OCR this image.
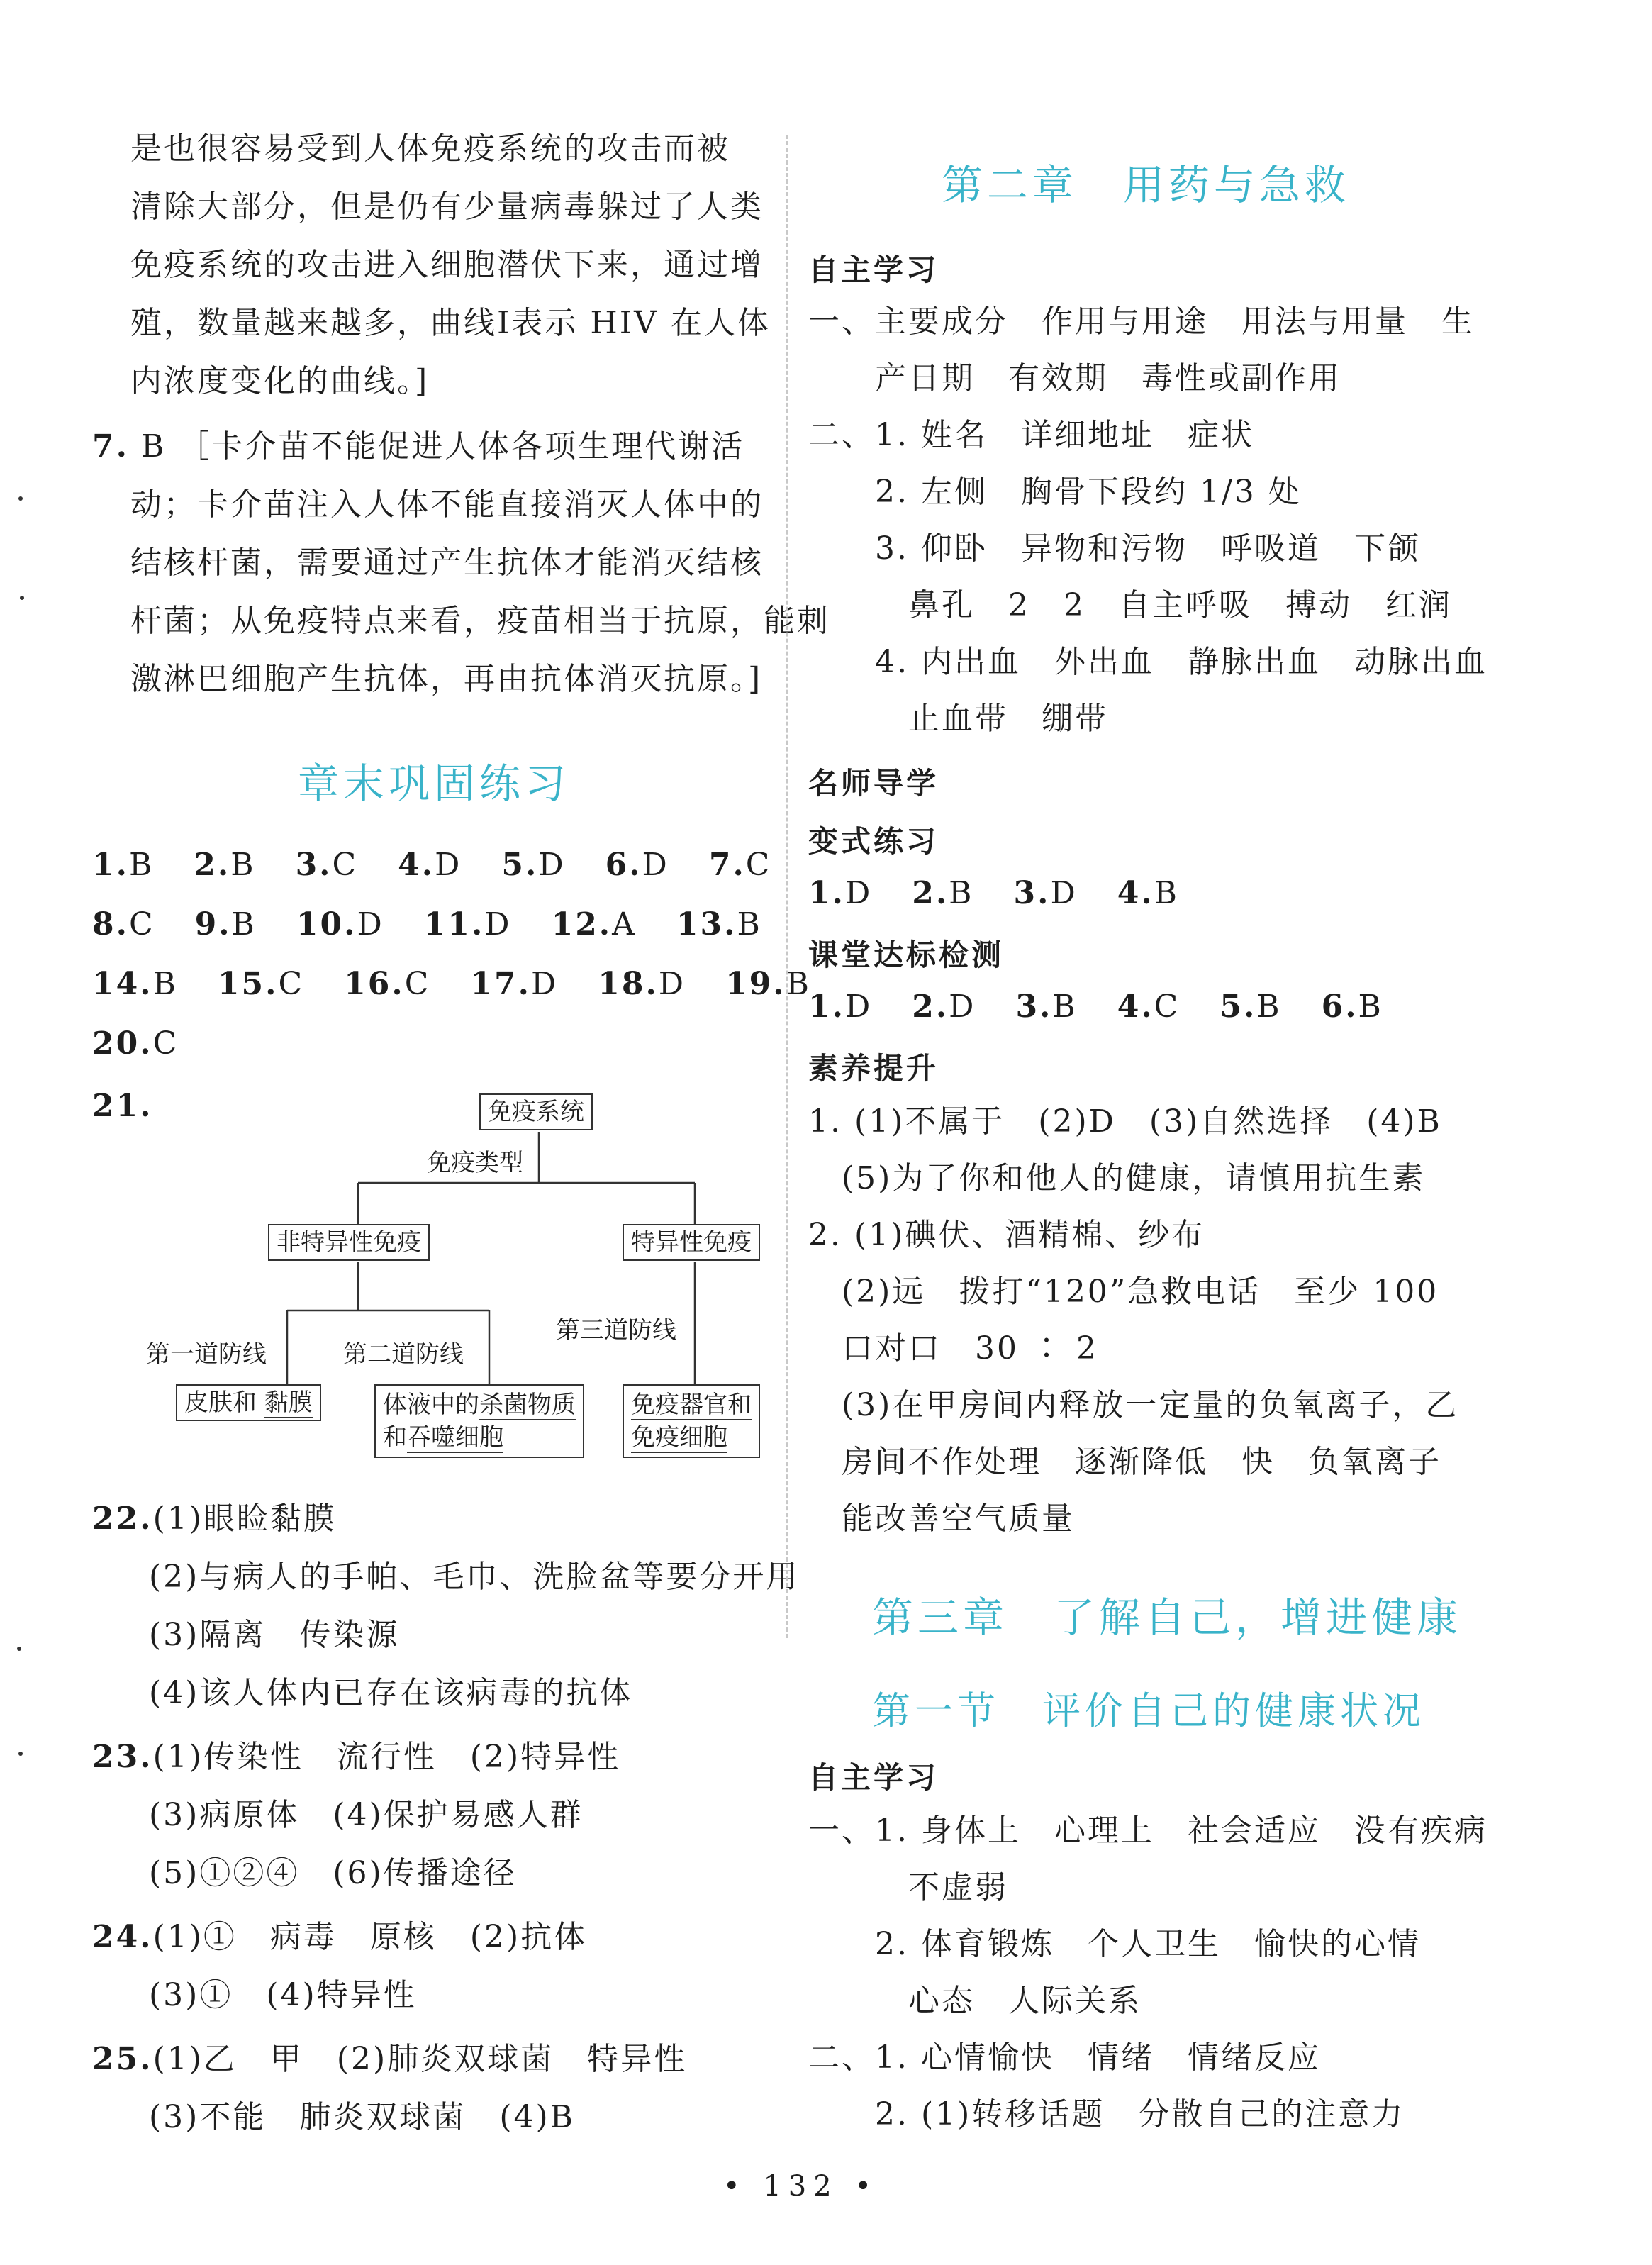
是也很容易受到人体免疫系统的攻击而被
清除大部分，但是仍有少量病毒躲过了人类
免疫系统的攻击进入细胞潜伏下来，通过增
殖，数量越来越多，曲线Ⅰ表示 HIV 在人体
内浓度变化的曲线。]
7. B ［卡介苗不能促进人体各项生理代谢活
动；卡介苗注入人体不能直接消灭人体中的
结核杆菌，需要通过产生抗体才能消灭结核
杆菌；从免疫特点来看，疫苗相当于抗原，能刺
激淋巴细胞产生抗体，再由抗体消灭抗原。]
章末巩固练习
1.B 2.B 3.C 4.D 5.D 6.D 7.C
8.C 9.B 10.D 11.D 12.A 13.B
14.B 15.C 16.C 17.D 18.D 19.B
20.C
21.	免疫系统
免疫类型
非特异性免疫	特异性免疫
第一道防线	第二道防线
第三道防线
皮肤和 黏膜	体液中的杀菌物质
和吞噬细胞
免疫器官和
免疫细胞
22.(1)眼睑黏膜
(2)与病人的手帕、毛巾、洗脸盆等要分开用
(3)隔离　传染源
(4)该人体内已存在该病毒的抗体
23.(1)传染性　流行性　(2)特异性
(3)病原体　(4)保护易感人群
(5)①②④　(6)传播途径
24.(1)①　病毒　原核　(2)抗体
(3)①　(4)特异性
25.(1)乙　甲　(2)肺炎双球菌　特异性
(3)不能　肺炎双球菌　(4)B
第二章　用药与急救
自主学习
一、主要成分　作用与用途　用法与用量　生
　　产日期　有效期　毒性或副作用
二、1. 姓名　详细地址　症状
　　2. 左侧　胸骨下段约 1/3 处
　　3. 仰卧　异物和污物　呼吸道　下颌
　　　鼻孔　2　2　自主呼吸　搏动　红润
　　4. 内出血　外出血　静脉出血　动脉出血
　　　止血带　绷带
名师导学
变式练习
1.D 2.B 3.D 4.B
课堂达标检测
1.D 2.D 3.B 4.C 5.B 6.B
素养提升
1. (1)不属于　(2)D　(3)自然选择　(4)B
　(5)为了你和他人的健康，请慎用抗生素
2. (1)碘伏、酒精棉、纱布
　(2)远　拨打“120”急救电话　至少 100
　口对口　30 ∶ 2
　(3)在甲房间内释放一定量的负氧离子，乙
　房间不作处理　逐渐降低　快　负氧离子
　能改善空气质量
第三章　了解自己，增进健康
第一节　评价自己的健康状况
自主学习
一、1. 身体上　心理上　社会适应　没有疾病
　　　不虚弱
　　2. 体育锻炼　个人卫生　愉快的心情
　　　心态　人际关系
二、1. 心情愉快　情绪　情绪反应
　　2. (1)转移话题　分散自己的注意力
• 132 •
